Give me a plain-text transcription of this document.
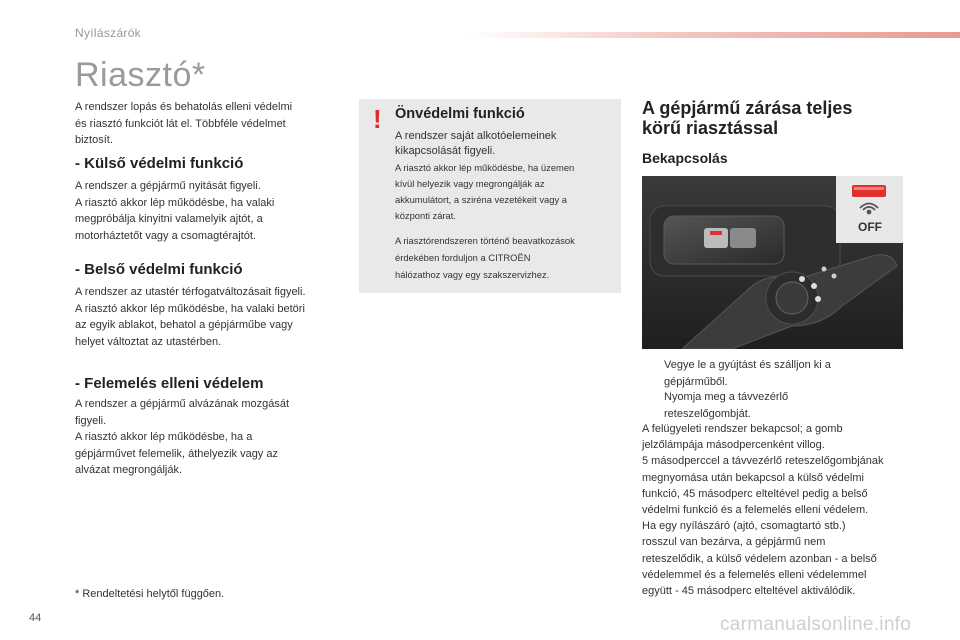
Nyílászárók
Riasztó*
A rendszer lopás és behatolás elleni védelmi
és riasztó funkciót lát el. Többféle védelmet
biztosít.
- Külső védelmi funkció
A rendszer a gépjármű nyitását figyeli.
A riasztó akkor lép működésbe, ha valaki
megpróbálja kinyitni valamelyik ajtót, a
motorháztetőt vagy a csomagtérajtót.
- Belső védelmi funkció
A rendszer az utastér térfogatváltozásait figyeli.
A riasztó akkor lép működésbe, ha valaki betöri
az egyik ablakot, behatol a gépjárműbe vagy
helyet változtat az utastérben.
- Felemelés elleni védelem
A rendszer a gépjármű alvázának mozgását
figyeli.
A riasztó akkor lép működésbe, ha a
gépjárművet felemelik, áthelyezik vagy az
alvázat megrongálják.
* Rendeltetési helytől függően.
44
! Önvédelmi funkció
A rendszer saját alkotóelemeinek
kikapcsolását figyeli.
A riasztó akkor lép működésbe, ha üzemen
kívül helyezik vagy megrongálják az
akkumulátort, a sziréna vezetékeit vagy a
központi zárat.
A riasztórendszeren történő beavatkozások
érdekében forduljon a CITROËN
hálózathoz vagy egy szakszervizhez.
A gépjármű zárása teljes
körű riasztással
Bekapcsolás
OFF
Vegye le a gyújtást és szálljon ki a
gépjárműből.
Nyomja meg a távvezérlő
reteszelőgombját.
A felügyeleti rendszer bekapcsol; a gomb
jelzőlámpája másodpercenként villog.
5 másodperccel a távvezérlő reteszelőgombjának
megnyomása után bekapcsol a külső védelmi
funkció, 45 másodperc elteltével pedig a belső
védelmi funkció és a felemelés elleni védelem.
Ha egy nyílászáró (ajtó, csomagtartó stb.)
rosszul van bezárva, a gépjármű nem
reteszelődik, a külső védelem azonban - a belső
védelemmel és a felemelés elleni védelemmel
együtt - 45 másodperc elteltével aktiválódik.
carmanualsonline.info
